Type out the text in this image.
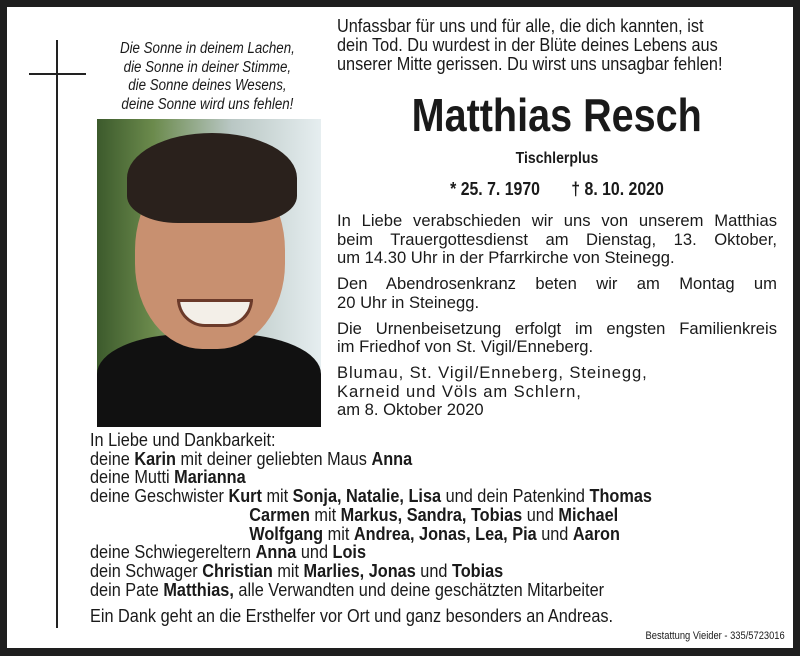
Die Sonne in deinem Lachen,
die Sonne in deiner Stimme,
die Sonne deines Wesens,
deine Sonne wird uns fehlen!
Unfassbar für uns und für alle, die dich kannten, ist
dein Tod. Du wurdest in der Blüte deines Lebens aus
unserer Mitte gerissen. Du wirst uns unsagbar fehlen!
Matthias Resch
Tischlerplus
* 25. 7. 1970 † 8. 10. 2020
In Liebe verabschieden wir uns von unserem Matthias
beim Trauergottesdienst am Dienstag, 13. Oktober,
um 14.30 Uhr in der Pfarrkirche von Steinegg.
Den Abendrosenkranz beten wir am Montag um
20 Uhr in Steinegg.
Die Urnenbeisetzung erfolgt im engsten Familienkreis
im Friedhof von St. Vigil/Enneberg.
Blumau, St. Vigil/Enneberg, Steinegg,
Karneid und Völs am Schlern,
am 8. Oktober 2020
In Liebe und Dankbarkeit:
deine Karin mit deiner geliebten Maus Anna
deine Mutti Marianna
deine Geschwister Kurt mit Sonja, Natalie, Lisa und dein Patenkind Thomas
Carmen mit Markus, Sandra, Tobias und Michael
Wolfgang mit Andrea, Jonas, Lea, Pia und Aaron
deine Schwiegereltern Anna und Lois
dein Schwager Christian mit Marlies, Jonas und Tobias
dein Pate Matthias, alle Verwandten und deine geschätzten Mitarbeiter
Ein Dank geht an die Ersthelfer vor Ort und ganz besonders an Andreas.
Bestattung Vieider - 335/5723016
